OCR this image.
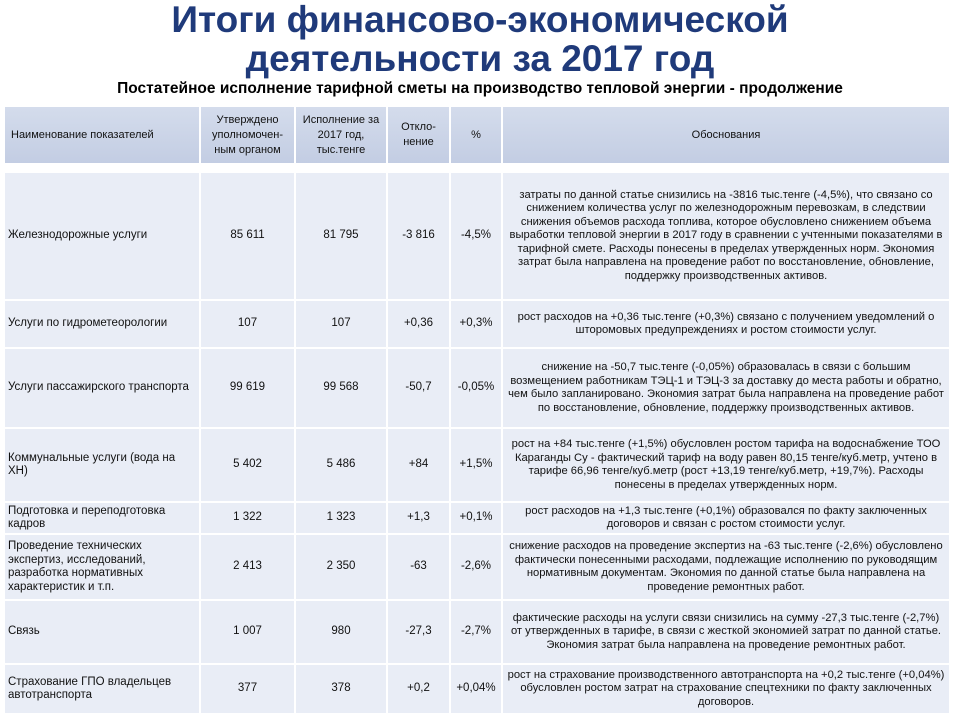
Итоги финансово-экономической
деятельности за 2017 год
Постатейное исполнение тарифной сметы на производство тепловой энергии - продолжение
Наименование показателей	Утверждено уполномочен-ным органом	Исполнение за 2017 год, тыс.тенге	Откло-нение	%	Обоснования

Железнодорожные услуги	85 611	81 795	-3 816	-4,5%	затраты по данной статье снизились на -3816 тыс.тенге (-4,5%), что связано со снижением количества услуг по железнодорожным перевозкам, в следствии снижения объемов расхода топлива, которое обусловлено снижением объема выработки тепловой энергии в 2017 году в сравнении с учтенными показателями в тарифной смете. Расходы понесены в пределах утвержденных норм. Экономия затрат была направлена на проведение работ по восстановление, обновление, поддержку производственных активов.
Услуги по гидрометеорологии	107	107	+0,36	+0,3%	рост расходов на +0,36 тыс.тенге (+0,3%) связано с получением уведомлений о шторомовых предупреждениях и ростом стоимости услуг.
Услуги пассажирского транспорта	99 619	99 568	-50,7	-0,05%	снижение на -50,7 тыс.тенге (-0,05%) образовалась в связи с большим возмещением работникам ТЭЦ-1 и ТЭЦ-3 за доставку до места работы и обратно, чем было запланировано. Экономия затрат была направлена на проведение работ по восстановление, обновление, поддержку производственных активов.
Коммунальные услуги (вода на ХН)	5 402	5 486	+84	+1,5%	рост на +84 тыс.тенге (+1,5%) обусловлен ростом тарифа на водоснабжение ТОО Караганды Су - фактический тариф на воду равен 80,15 тенге/куб.метр, учтено в тарифе 66,96 тенге/куб.метр (рост +13,19 тенге/куб.метр, +19,7%). Расходы понесены в пределах утвержденных норм.
Подготовка и переподготовка кадров	1 322	1 323	+1,3	+0,1%	рост расходов на +1,3 тыс.тенге (+0,1%) образовался по факту заключенных договоров и связан с ростом стоимости услуг.
Проведение технических экспертиз, исследований, разработка нормативных характеристик и т.п.	2 413	2 350	-63	-2,6%	снижение расходов на проведение экспертиз на -63 тыс.тенге (-2,6%) обусловлено фактически понесенными расходами, подлежащие исполнению по руководящим нормативным документам. Экономия по данной статье была направлена на проведение ремонтных работ.
Связь	1 007	980	-27,3	-2,7%	фактические расходы на услуги связи снизились на сумму -27,3 тыс.тенге (-2,7%) от утвержденных в тарифе, в связи с жесткой экономией затрат по данной статье. Экономия затрат была направлена на проведение ремонтных работ.
Страхование ГПО владельцев автотранспорта	377	378	+0,2	+0,04%	рост на страхование производственного автотранспорта на +0,2 тыс.тенге (+0,04%) обусловлен ростом затрат на страхование спецтехники по факту заключенных договоров.
